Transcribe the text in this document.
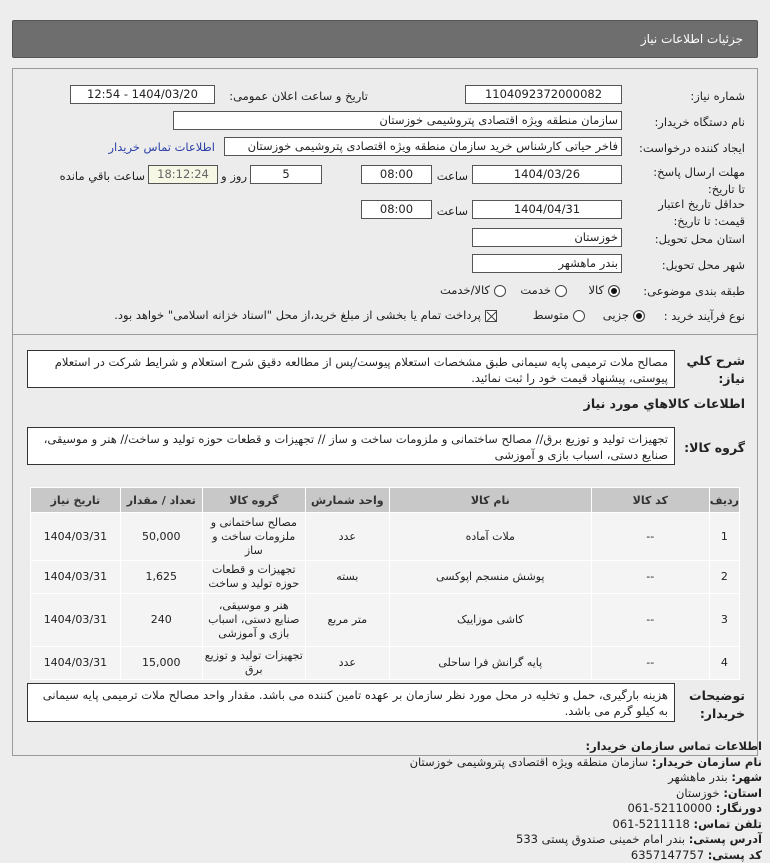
جزئیات اطلاعات نیاز
شماره نیاز:
1104092372000082
تاریخ و ساعت اعلان عمومی:
1404/03/20 - 12:54
نام دستگاه خریدار:
سازمان منطقه ویژه اقتصادی پتروشیمی خوزستان
ایجاد کننده درخواست:
فاخر حیاتی کارشناس خرید سازمان منطقه ویژه اقتصادی پتروشیمی خوزستان
اطلاعات تماس خریدار
مهلت ارسال پاسخ: تا تاریخ:
1404/03/26
ساعت
08:00
5
روز و
18:12:24
ساعت باقي مانده
حداقل تاریخ اعتبار قیمت: تا تاریخ:
1404/04/31
ساعت
08:00
استان محل تحویل:
خوزستان
شهر محل تحویل:
بندر ماهشهر
طبقه بندی موضوعی:
کالا
خدمت
کالا/خدمت
نوع فرآیند خرید :
جزیی
متوسط
پرداخت تمام یا بخشی از مبلغ خرید،از محل "اسناد خزانه اسلامی" خواهد بود.
شرح کلي نياز:
مصالح ملات ترمیمی پایه سیمانی طبق مشخصات استعلام پیوست/پس از مطالعه دقیق شرح استعلام و شرایط شرکت در استعلام پیوستی، پیشنهاد قیمت خود را ثبت نمائید.
اطلاعات کالاهاي مورد نياز
گروه کالا:
تجهیزات تولید و توزیع برق// مصالح ساختمانی و ملزومات ساخت و ساز // تجهیزات و قطعات حوزه تولید و ساخت// هنر و موسیقی، صنایع دستی، اسباب بازی و آموزشی
ردیف	کد کالا	نام کالا	واحد شمارش	گروه کالا	تعداد / مقدار	تاریخ نیاز
1	--	ملات آماده	عدد	مصالح ساختمانی و ملزومات ساخت و ساز	50,000	1404/03/31
2	--	پوشش منسجم اپوکسی	بسته	تجهیزات و قطعات حوزه تولید و ساخت	1,625	1404/03/31
3	--	کاشی موزاییک	متر مربع	هنر و موسیقی، صنایع دستی، اسباب بازی و آموزشی	240	1404/03/31
4	--	پایه گرانش فرا ساحلی	عدد	تجهیزات تولید و توزیع برق	15,000	1404/03/31
توضیحات خریدار:
هزینه بارگیری، حمل و تخلیه در محل مورد نظر سازمان بر عهده تامین کننده می باشد. مقدار واحد مصالح ملات ترمیمی پایه سیمانی به کیلو گرم می باشد.
اطلاعات تماس سازمان خریدار:
نام سازمان خریدار: سازمان منطقه ویژه اقتصادی پتروشیمی خوزستان
شهر: بندر ماهشهر
استان: خوزستان
دورنگار: 061-52110000
تلفن تماس: 061-5211118
آدرس پستی: بندر امام خمینی صندوق پستی 533
کد پستی: 6357147757
